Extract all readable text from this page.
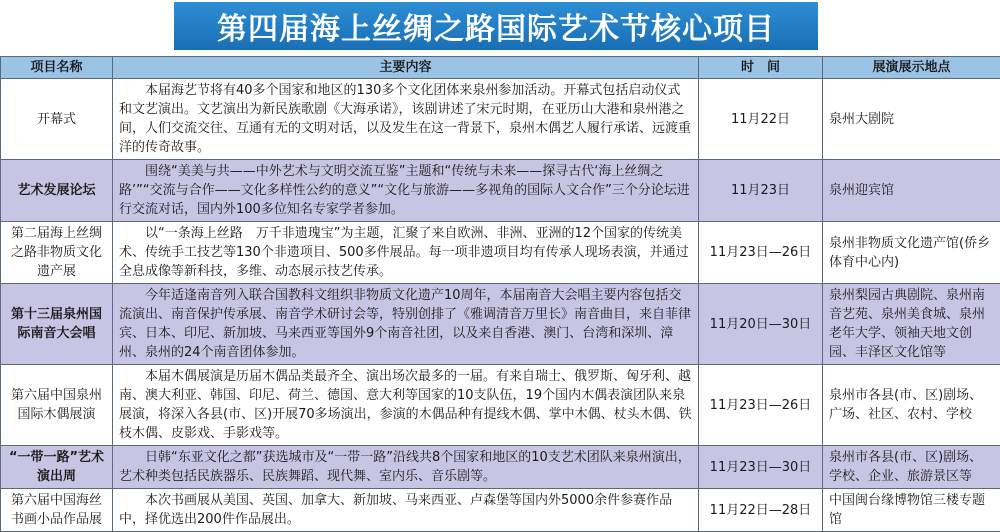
第四届海上丝绸之路国际艺术节核心项目
项目名称	主要内容	时　间	展演展示地点
开幕式	　　本届海艺节将有40多个国家和地区的130多个文化团体来泉州参加活动。开幕式包括启动仪式和文艺演出。文艺演出为新民族歌剧《大海承诺》，该剧讲述了宋元时期，在亚历山大港和泉州港之间，人们交流交往、互通有无的文明对话，以及发生在这一背景下，泉州木偶艺人履行承诺、远渡重洋的传奇故事。	11月22日	泉州大剧院
艺术发展论坛	　　围绕“美美与共——中外艺术与文明交流互鉴”主题和“传统与未来——探寻古代‘海上丝绸之路’”“交流与合作——文化多样性公约的意义”“文化与旅游——多视角的国际人文合作”三个分论坛进行交流对话，国内外100多位知名专家学者参加。	11月23日	泉州迎宾馆
第二届海上丝绸之路非物质文化遗产展	　　以“一条海上丝路　万千非遗瑰宝”为主题，汇聚了来自欧洲、非洲、亚洲的12个国家的传统美术、传统手工技艺等130个非遗项目、500多件展品。每一项非遗项目均有传承人现场表演，并通过全息成像等新科技，多维、动态展示技艺传承。	11月23日—26日	泉州非物质文化遗产馆(侨乡体育中心内)
第十三届泉州国际南音大会唱	　　今年适逢南音列入联合国教科文组织非物质文化遗产10周年，本届南音大会唱主要内容包括交流演出、南音保护传承展、南音学术研讨会等，特别创排了《雅调清音万里长》南音曲目，来自菲律宾、日本、印尼、新加坡、马来西亚等国外9个南音社团，以及来自香港、澳门、台湾和深圳、漳州、泉州的24个南音团体参加。	11月20日—30日	泉州梨园古典剧院、泉州南音艺苑、泉州美食城、泉州老年大学、领袖天地文创园、丰泽区文化馆等
第六届中国泉州国际木偶展演	　　本届木偶展演是历届木偶品类最齐全、演出场次最多的一届。有来自瑞士、俄罗斯、匈牙利、越南、澳大利亚、韩国、印尼、荷兰、德国、意大利等国家的10支队伍，19个国内木偶表演团队来泉展演，将深入各县(市、区)开展70多场演出，参演的木偶品种有提线木偶、掌中木偶、杖头木偶、铁枝木偶、皮影戏、手影戏等。	11月23日—26日	泉州市各县(市、区)剧场、广场、社区、农村、学校
“一带一路”艺术演出周	　　日韩“东亚文化之都”获选城市及“一带一路”沿线共8个国家和地区的10支艺术团队来泉州演出，艺术种类包括民族器乐、民族舞蹈、现代舞、室内乐、音乐剧等。	11月23日—30日	泉州市各县(市、区)剧场、学校、企业、旅游景区等
第六届中国海丝书画小品作品展	　　本次书画展从美国、英国、加拿大、新加坡、马来西亚、卢森堡等国内外5000余件参赛作品中，择优选出200件作品展出。	11月22日—28日	中国闽台缘博物馆三楼专题馆
